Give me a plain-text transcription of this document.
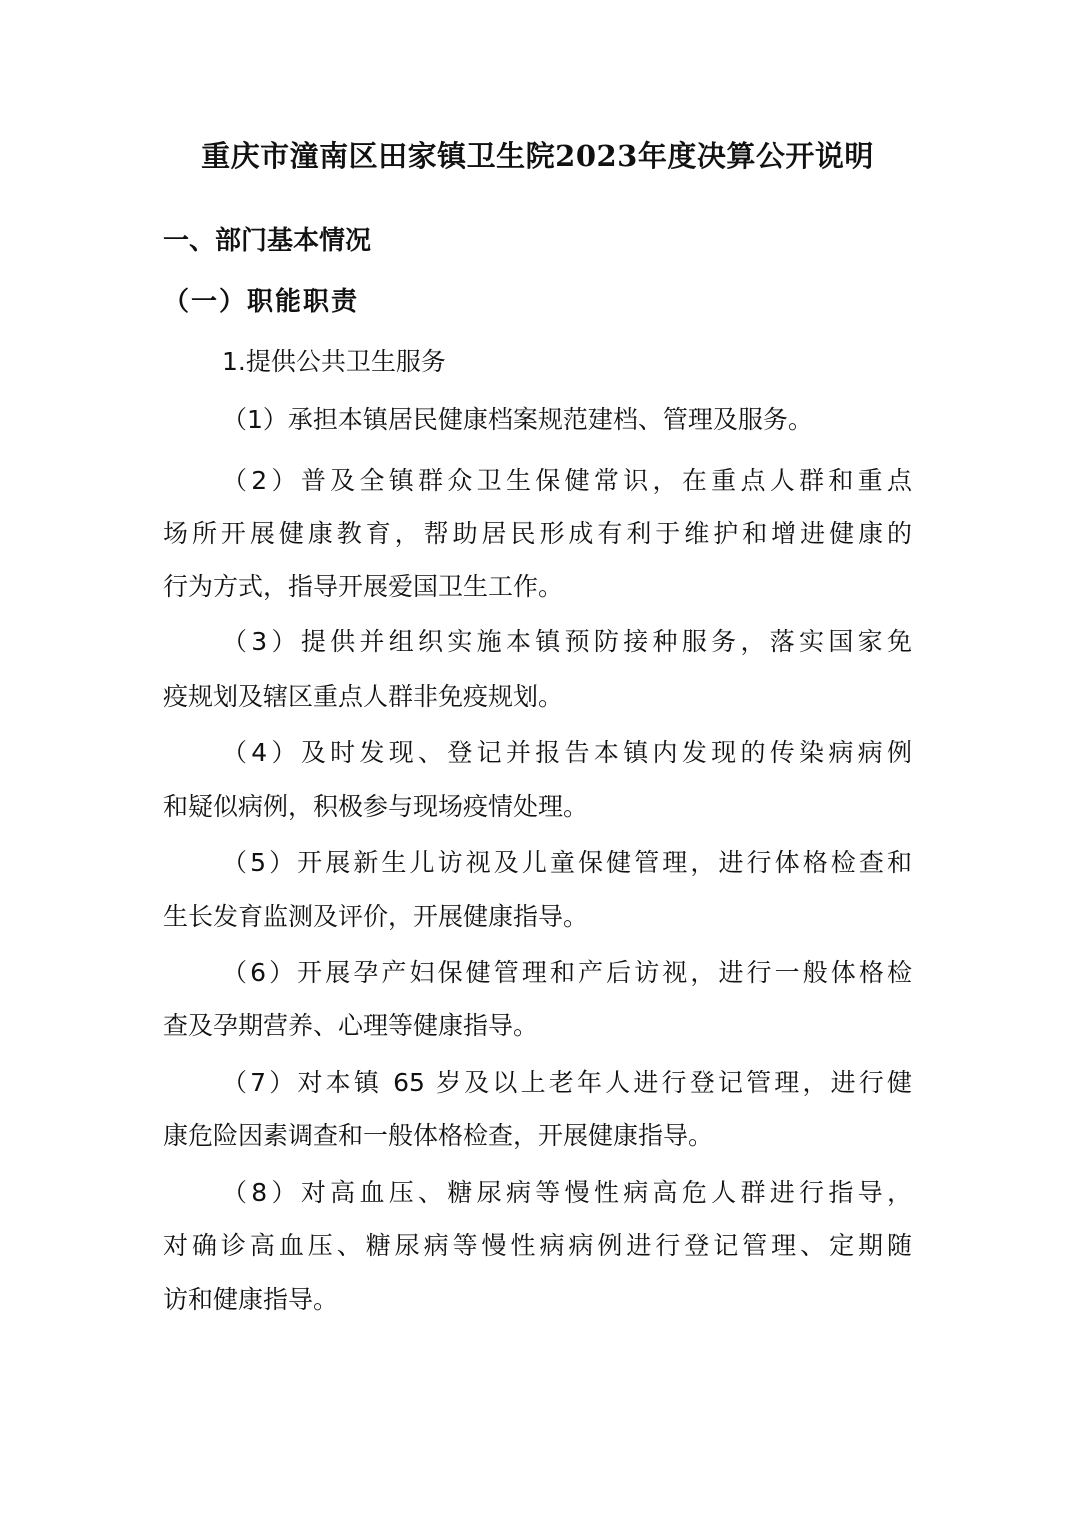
重庆市潼南区田家镇卫生院2023年度决算公开说明
一、部门基本情况
（一）职能职责
1.提供公共卫生服务
（1）承担本镇居民健康档案规范建档、管理及服务。
（2）普及全镇群众卫生保健常识，在重点人群和重点
场所开展健康教育，帮助居民形成有利于维护和增进健康的
行为方式，指导开展爱国卫生工作。
（3）提供并组织实施本镇预防接种服务，落实国家免
疫规划及辖区重点人群非免疫规划。
（4）及时发现、登记并报告本镇内发现的传染病病例
和疑似病例，积极参与现场疫情处理。
（5）开展新生儿访视及儿童保健管理，进行体格检查和
生长发育监测及评价，开展健康指导。
（6）开展孕产妇保健管理和产后访视，进行一般体格检
查及孕期营养、心理等健康指导。
（7）对本镇 65 岁及以上老年人进行登记管理，进行健
康危险因素调查和一般体格检查，开展健康指导。
（8）对高血压、糖尿病等慢性病高危人群进行指导，
对确诊高血压、糖尿病等慢性病病例进行登记管理、定期随
访和健康指导。
